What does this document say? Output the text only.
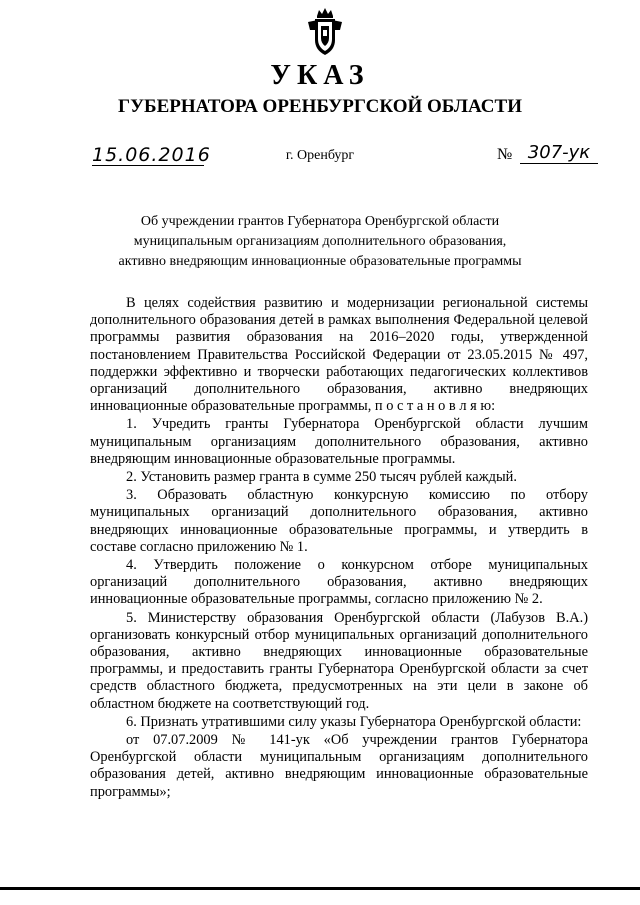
УКАЗ
ГУБЕРНАТОРА ОРЕНБУРГСКОЙ ОБЛАСТИ
15.06.2016	г. Оренбург	№ 307-ук
Об учреждении грантов Губернатора Оренбургской области
муниципальным организациям дополнительного образования,
активно внедряющим инновационные образовательные программы

В целях содействия развитию и модернизации региональной системы дополнительного образования детей в рамках выполнения Федеральной целевой программы развития образования на 2016–2020 годы, утвержденной постановлением Правительства Российской Федерации от 23.05.2015 № 497, поддержки эффективно и творчески работающих педагогических коллективов организаций дополнительного образования, активно внедряющих инновационные образовательные программы, п о с т а н о в л я ю:

1. Учредить гранты Губернатора Оренбургской области лучшим муниципальным организациям дополнительного образования, активно внедряющим инновационные образовательные программы.

2. Установить размер гранта в сумме 250 тысяч рублей каждый.

3. Образовать областную конкурсную комиссию по отбору муниципальных организаций дополнительного образования, активно внедряющих инновационные образовательные программы, и утвердить в составе согласно приложению № 1.

4. Утвердить положение о конкурсном отборе муниципальных организаций дополнительного образования, активно внедряющих инновационные образовательные программы, согласно приложению № 2.

5. Министерству образования Оренбургской области (Лабузов В.А.) организовать конкурсный отбор муниципальных организаций дополнительного образования, активно внедряющих инновационные образовательные программы, и предоставить гранты Губернатора Оренбургской области за счет средств областного бюджета, предусмотренных на эти цели в законе об областном бюджете на соответствующий год.

6. Признать утратившими силу указы Губернатора Оренбургской области:

от 07.07.2009 № 141-ук «Об учреждении грантов Губернатора Оренбургской области муниципальным организациям дополнительного образования детей, активно внедряющим инновационные образовательные программы»;
